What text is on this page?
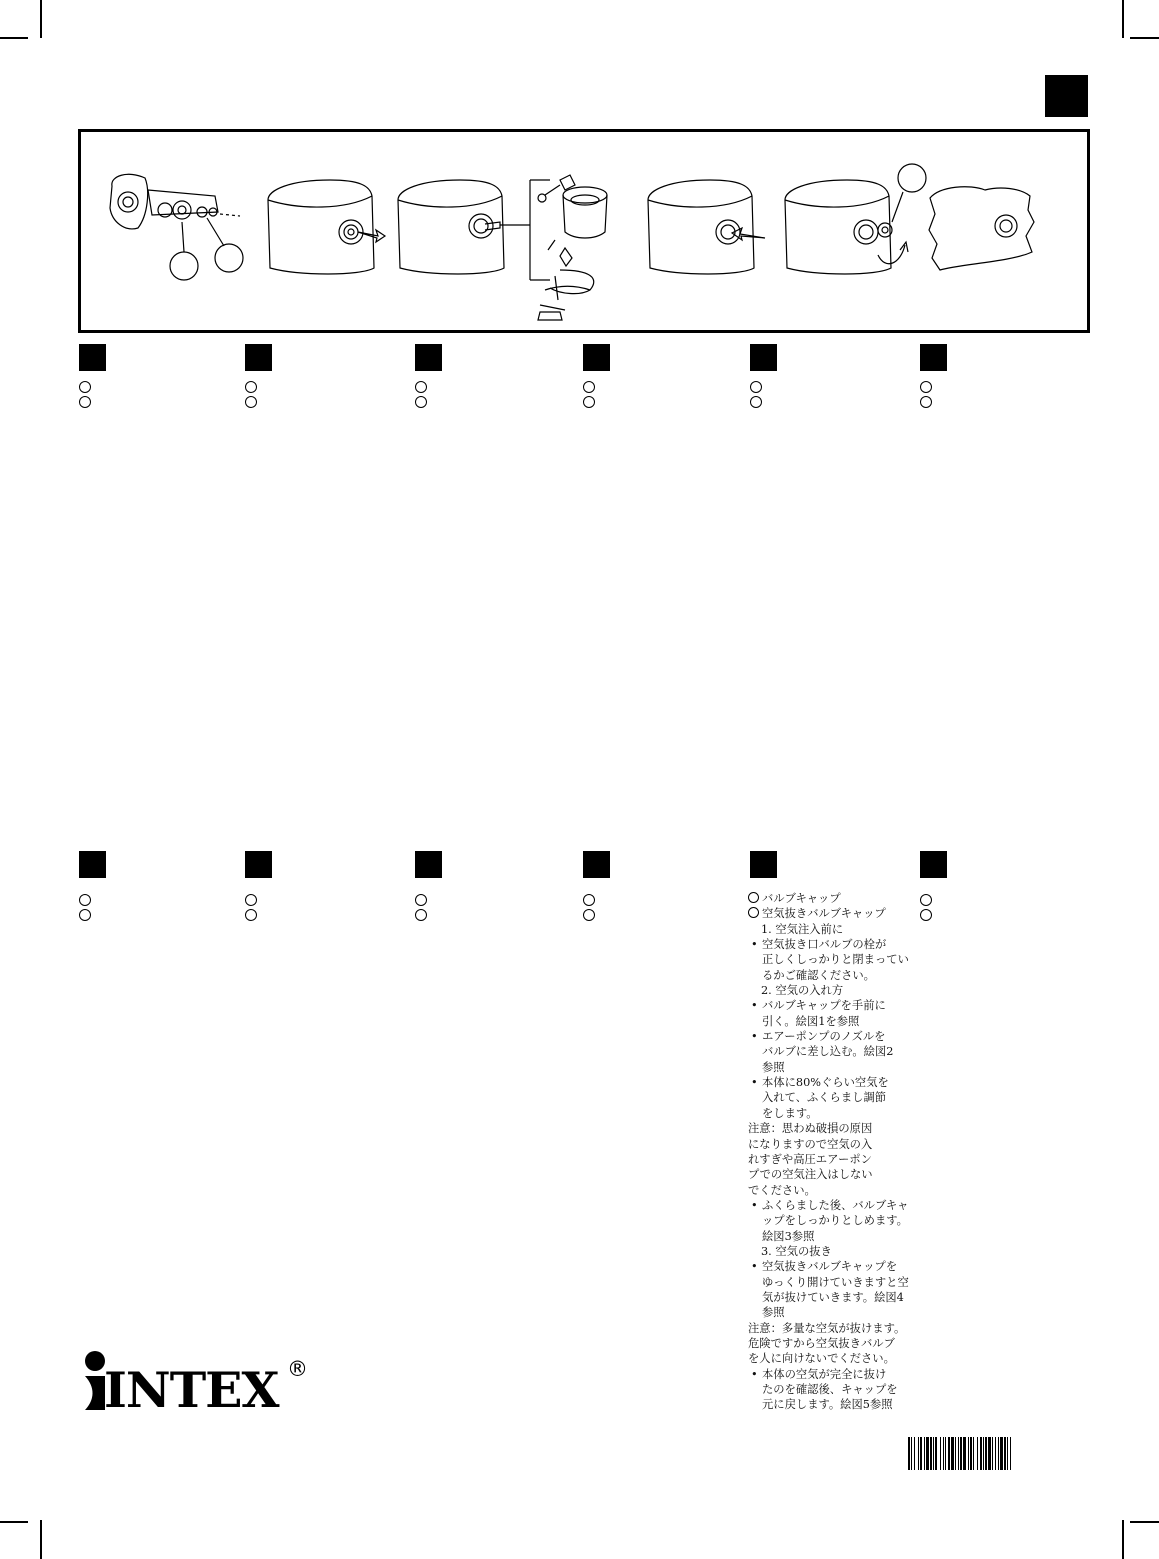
バルブキャップ
空気抜きバルブキャップ
1. 空気注入前に
• 空気抜き口バルブの栓が
正しくしっかりと閉まってい
るかご確認ください。
2. 空気の入れ方
• バルブキャップを手前に
引く。絵図1を参照
• エアーポンプのノズルを
バルブに差し込む。絵図2
参照
• 本体に80%ぐらい空気を
入れて、ふくらまし調節
をします。
注意：思わぬ破損の原因
になりますので空気の入
れすぎや高圧エアーポン
プでの空気注入はしない
でください。
• ふくらました後、バルブキャ
ップをしっかりとしめます。
絵図3参照
3. 空気の抜き
• 空気抜きバルブキャップを
ゆっくり開けていきますと空
気が抜けていきます。絵図4
参照
注意：多量な空気が抜けます。
危険ですから空気抜きバルブ
を人に向けないでください。
• 本体の空気が完全に抜け
たのを確認後、キャップを
元に戻します。絵図5参照
INTEX ®
